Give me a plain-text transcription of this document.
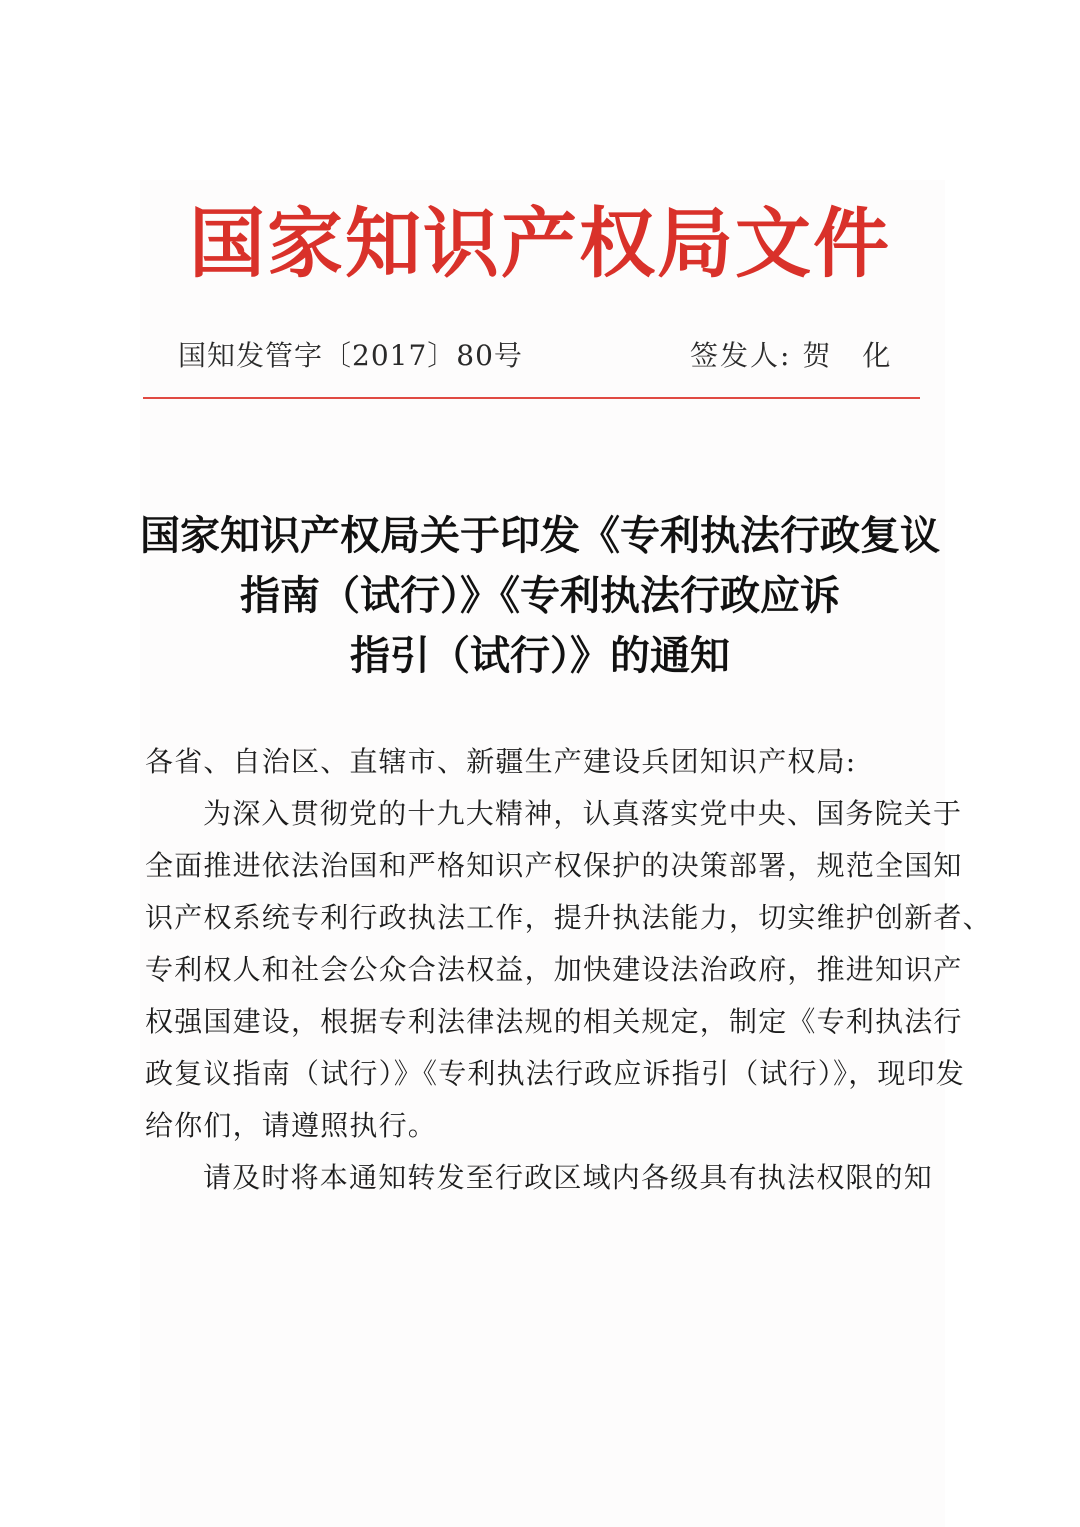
国家知识产权局文件
国知发管字〔2017〕80号	签发人: 贺　化
国家知识产权局关于印发《专利执法行政复议
指南（试行）》《专利执法行政应诉
指引（试行）》的通知
各省、自治区、直辖市、新疆生产建设兵团知识产权局:
为深入贯彻党的十九大精神，认真落实党中央、国务院关于
全面推进依法治国和严格知识产权保护的决策部署，规范全国知
识产权系统专利行政执法工作，提升执法能力，切实维护创新者、
专利权人和社会公众合法权益，加快建设法治政府，推进知识产
权强国建设，根据专利法律法规的相关规定，制定《专利执法行
政复议指南（试行）》《专利执法行政应诉指引（试行）》，现印发
给你们，请遵照执行。
请及时将本通知转发至行政区域内各级具有执法权限的知
